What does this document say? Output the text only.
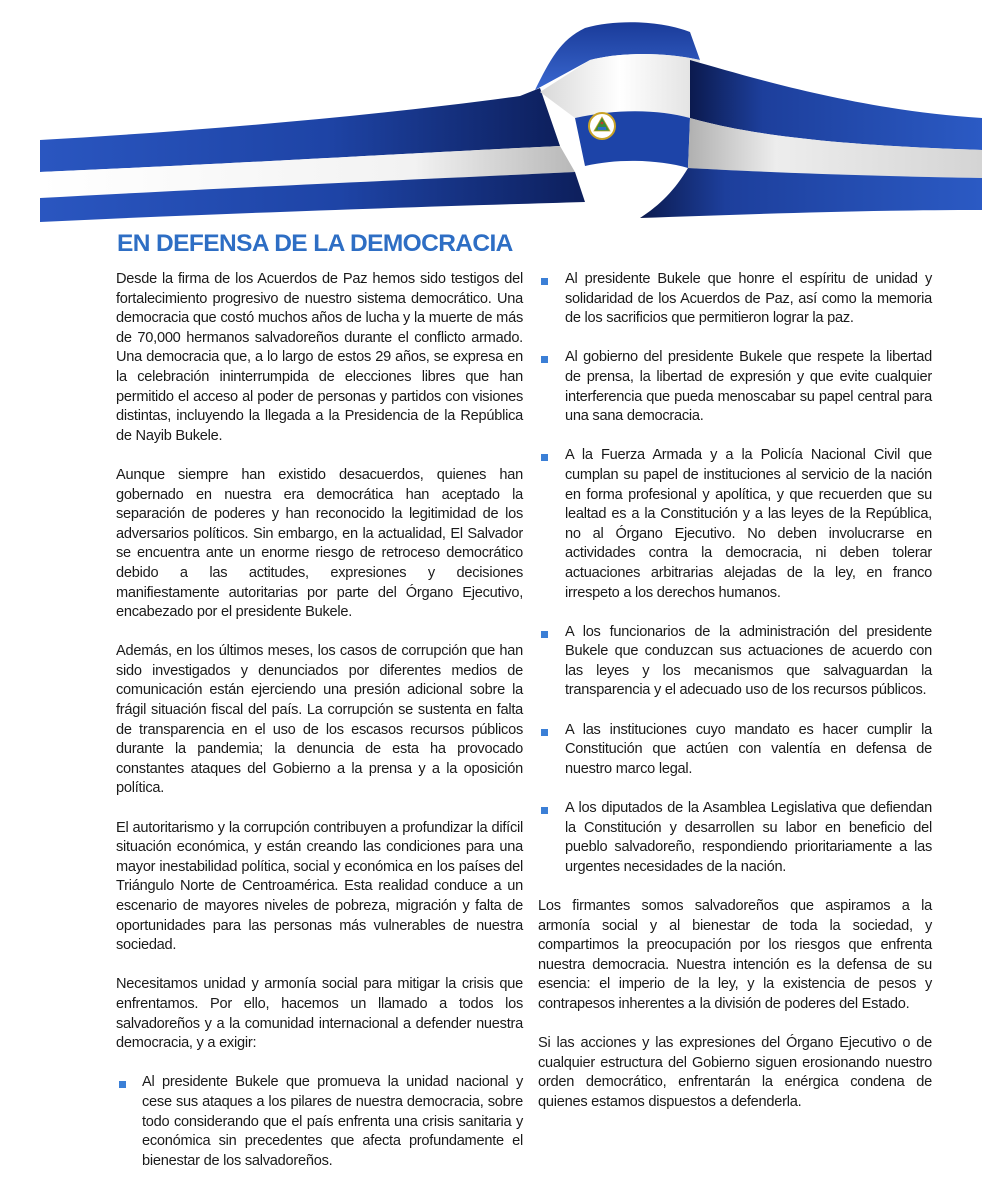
EN DEFENSA DE LA DEMOCRACIA

Desde la firma de los Acuerdos de Paz hemos sido testigos del fortalecimiento progresivo de nuestro sistema democrático. Una democracia que costó muchos años de lucha y la muerte de más de 70,000 hermanos salvadoreños durante el conflicto armado. Una democracia que, a lo largo de estos 29 años, se expresa en la celebración ininterrumpida de elecciones libres que han permitido el acceso al poder de personas y partidos con visiones distintas, incluyendo la llegada a la Presidencia de la República de Nayib Bukele.

Aunque siempre han existido desacuerdos, quienes han gobernado en nuestra era democrática han aceptado la separación de poderes y han reconocido la legitimidad de los adversarios políticos. Sin embargo, en la actualidad, El Salvador se encuentra ante un enorme riesgo de retroceso democrático debido a las actitudes, expresiones y decisiones manifiestamente autoritarias por parte del Órgano Ejecutivo, encabezado por el presidente Bukele.

Además, en los últimos meses, los casos de corrupción que han sido investigados y denunciados por diferentes medios de comunicación están ejerciendo una presión adicional sobre la frágil situación fiscal del país. La corrupción se sustenta en falta de transparencia en el uso de los escasos recursos públicos durante la pandemia; la denuncia de esta ha provocado constantes ataques del Gobierno a la prensa y a la oposición política.

El autoritarismo y la corrupción contribuyen a profundizar la difícil situación económica, y están creando las condiciones para una mayor inestabilidad política, social y económica en los países del Triángulo Norte de Centroamérica. Esta realidad conduce a un escenario de mayores niveles de pobreza, migración y falta de oportunidades para las personas más vulnerables de nuestra sociedad.

Necesitamos unidad y armonía social para mitigar la crisis que enfrentamos. Por ello, hacemos un llamado a todos los salvadoreños y a la comunidad internacional a defender nuestra democracia, y a exigir:

Al presidente Bukele que promueva la unidad nacional y cese sus ataques a los pilares de nuestra democracia, sobre todo considerando que el país enfrenta una crisis sanitaria y económica sin precedentes que afecta profundamente el bienestar de los salvadoreños.
Al presidente Bukele que honre el espíritu de unidad y solidaridad de los Acuerdos de Paz, así como la memoria de los sacrificios que permitieron lograr la paz.
Al gobierno del presidente Bukele que respete la libertad de prensa, la libertad de expresión y que evite cualquier interferencia que pueda menoscabar su papel central para una sana democracia.
A la Fuerza Armada y a la Policía Nacional Civil que cumplan su papel de instituciones al servicio de la nación en forma profesional y apolítica, y que recuerden que su lealtad es a la Constitución y a las leyes de la República, no al Órgano Ejecutivo. No deben involucrarse en actividades contra la democracia, ni deben tolerar actuaciones arbitrarias alejadas de la ley, en franco irrespeto a los derechos humanos.
A los funcionarios de la administración del presidente Bukele que conduzcan sus actuaciones de acuerdo con las leyes y los mecanismos que salvaguardan la transparencia y el adecuado uso de los recursos públicos.
A las instituciones cuyo mandato es hacer cumplir la Constitución que actúen con valentía en defensa de nuestro marco legal.
A los diputados de la Asamblea Legislativa que defiendan la Constitución y desarrollen su labor en beneficio del pueblo salvadoreño, respondiendo prioritariamente a las urgentes necesidades de la nación.

Los firmantes somos salvadoreños que aspiramos a la armonía social y al bienestar de toda la sociedad, y compartimos la preocupación por los riesgos que enfrenta nuestra democracia. Nuestra intención es la defensa de su esencia: el imperio de la ley, y la existencia de pesos y contrapesos inherentes a la división de poderes del Estado.

Si las acciones y las expresiones del Órgano Ejecutivo o de cualquier estructura del Gobierno siguen erosionando nuestro orden democrático, enfrentarán la enérgica condena de quienes estamos dispuestos a defenderla.
